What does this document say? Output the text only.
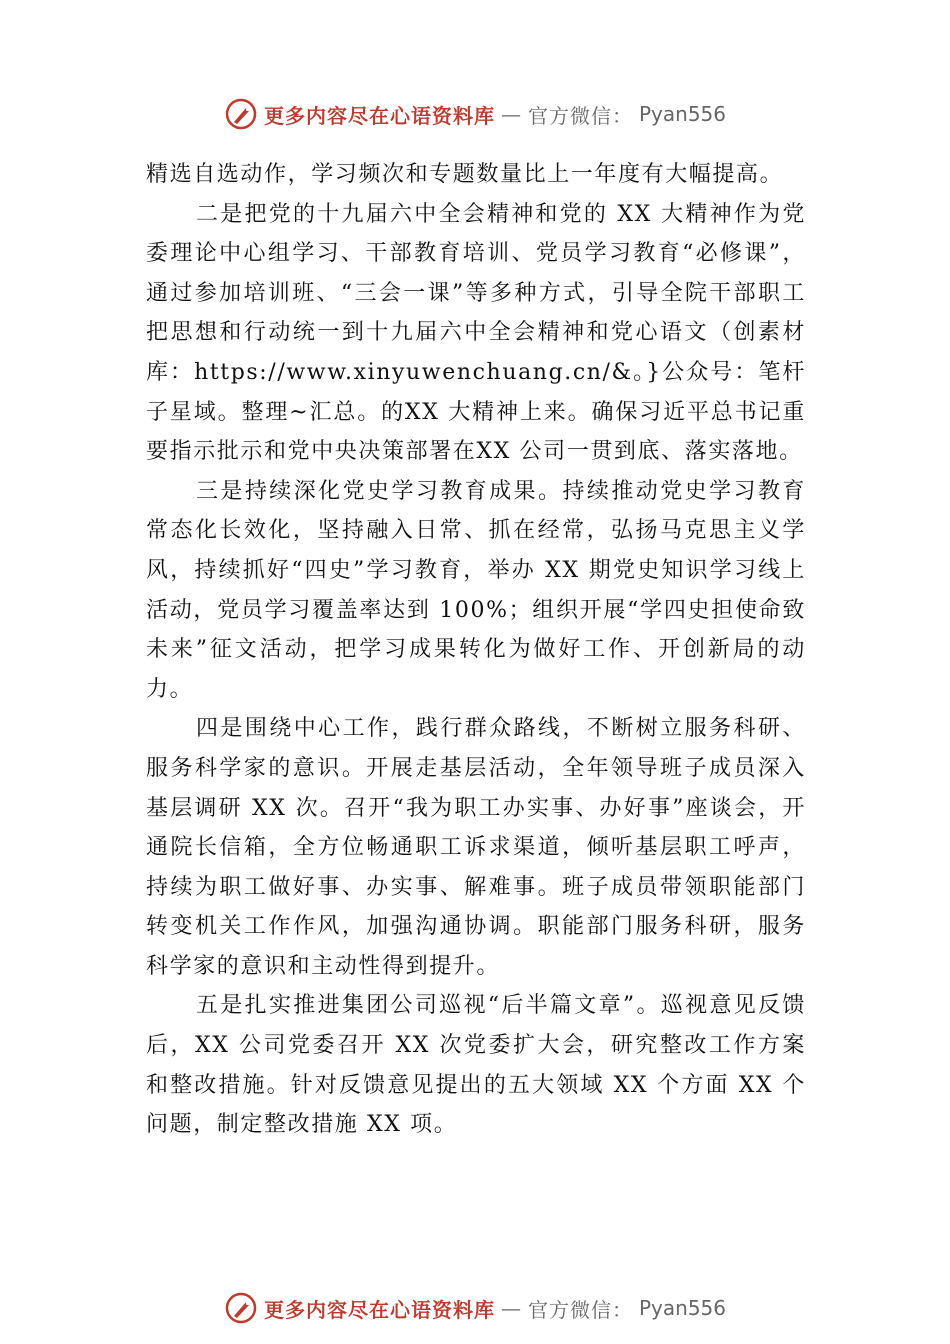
更多内容尽在心语资料库 — 官方微信： Pyan556

精选自选动作，学习频次和专题数量比上一年度有大幅提高。

二是把党的十九届六中全会精神和党的 XX 大精神作为党委理论中心组学习、干部教育培训、党员学习教育“必修课”，通过参加培训班、“三会一课”等多种方式，引导全院干部职工把思想和行动统一到十九届六中全会精神和党心语文（创素材库：https://www.xinyuwenchuang.cn/&。}公众号：笔杆子星域。整理~汇总。的XX 大精神上来。确保习近平总书记重要指示批示和党中央决策部署在XX 公司一贯到底、落实落地。

三是持续深化党史学习教育成果。持续推动党史学习教育常态化长效化，坚持融入日常、抓在经常，弘扬马克思主义学风，持续抓好“四史”学习教育，举办 XX 期党史知识学习线上活动，党员学习覆盖率达到 100%；组织开展“学四史担使命致未来”征文活动，把学习成果转化为做好工作、开创新局的动力。

四是围绕中心工作，践行群众路线，不断树立服务科研、服务科学家的意识。开展走基层活动，全年领导班子成员深入基层调研 XX 次。召开“我为职工办实事、办好事”座谈会，开通院长信箱，全方位畅通职工诉求渠道，倾听基层职工呼声，持续为职工做好事、办实事、解难事。班子成员带领职能部门转变机关工作作风，加强沟通协调。职能部门服务科研，服务科学家的意识和主动性得到提升。

五是扎实推进集团公司巡视“后半篇文章”。巡视意见反馈后，XX 公司党委召开 XX 次党委扩大会，研究整改工作方案和整改措施。针对反馈意见提出的五大领域 XX 个方面 XX 个问题，制定整改措施 XX 项。

更多内容尽在心语资料库 — 官方微信： Pyan556
